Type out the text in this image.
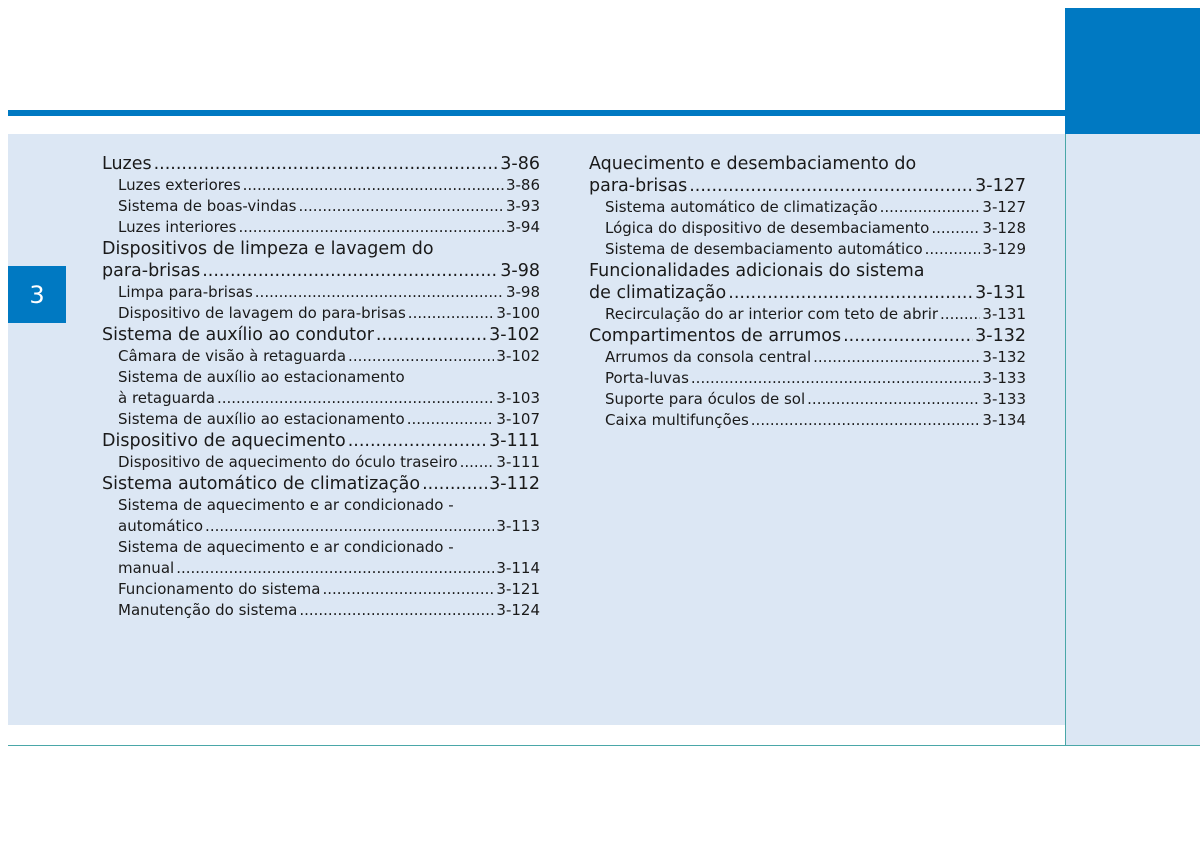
3
Luzes .....	3-86
Luzes exteriores .....	3-86
Sistema de boas-vindas .....	3-93
Luzes interiores .....	3-94
Dispositivos de limpeza e lavagem do
para-brisas .....	3-98
Limpa para-brisas .....	3-98
Dispositivo de lavagem do para-brisas .....	3-100
Sistema de auxílio ao condutor .....	3-102
Câmara de visão à retaguarda .....	3-102
Sistema de auxílio ao estacionamento
à retaguarda .....	3-103
Sistema de auxílio ao estacionamento .....	3-107
Dispositivo de aquecimento .....	3-111
Dispositivo de aquecimento do óculo traseiro .....	3-111
Sistema automático de climatização .....	3-112
Sistema de aquecimento e ar condicionado -
automático .....	3-113
Sistema de aquecimento e ar condicionado -
manual .....	3-114
Funcionamento do sistema .....	3-121
Manutenção do sistema .....	3-124
Aquecimento e desembaciamento do
para-brisas .....	3-127
Sistema automático de climatização .....	3-127
Lógica do dispositivo de desembaciamento .....	3-128
Sistema de desembaciamento automático .....	3-129
Funcionalidades adicionais do sistema
de climatização .....	3-131
Recirculação do ar interior com teto de abrir .....	3-131
Compartimentos de arrumos .....	3-132
Arrumos da consola central .....	3-132
Porta-luvas .....	3-133
Suporte para óculos de sol .....	3-133
Caixa multifunções .....	3-134
